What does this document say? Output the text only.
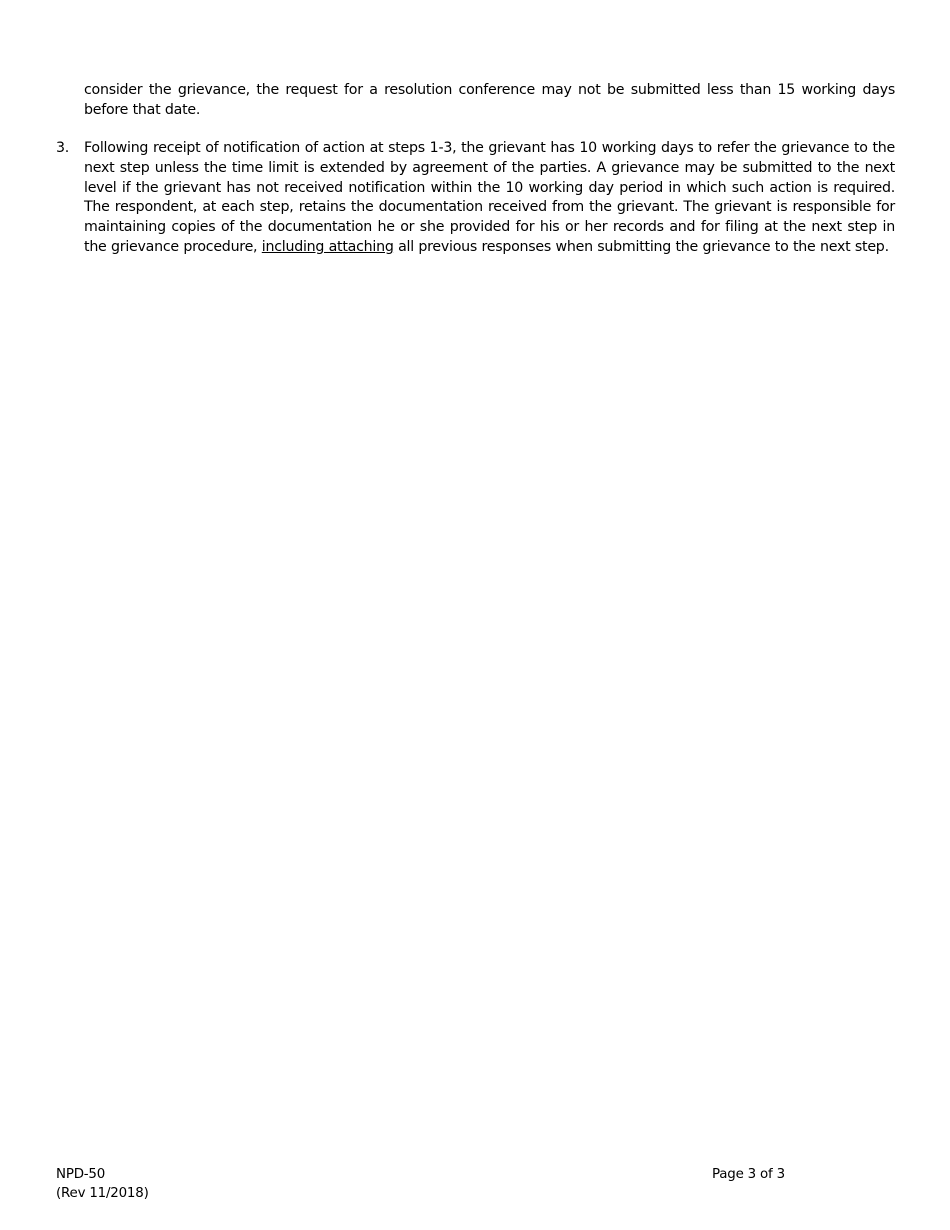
consider the grievance, the request for a resolution conference may not be submitted less than 15 working days before that date.
3. Following receipt of notification of action at steps 1-3, the grievant has 10 working days to refer the grievance to the next step unless the time limit is extended by agreement of the parties. A grievance may be submitted to the next level if the grievant has not received notification within the 10 working day period in which such action is required. The respondent, at each step, retains the documentation received from the grievant. The grievant is responsible for maintaining copies of the documentation he or she provided for his or her records and for filing at the next step in the grievance procedure, including attaching all previous responses when submitting the grievance to the next step.
NPD-50
(Rev 11/2018)
Page 3 of 3
